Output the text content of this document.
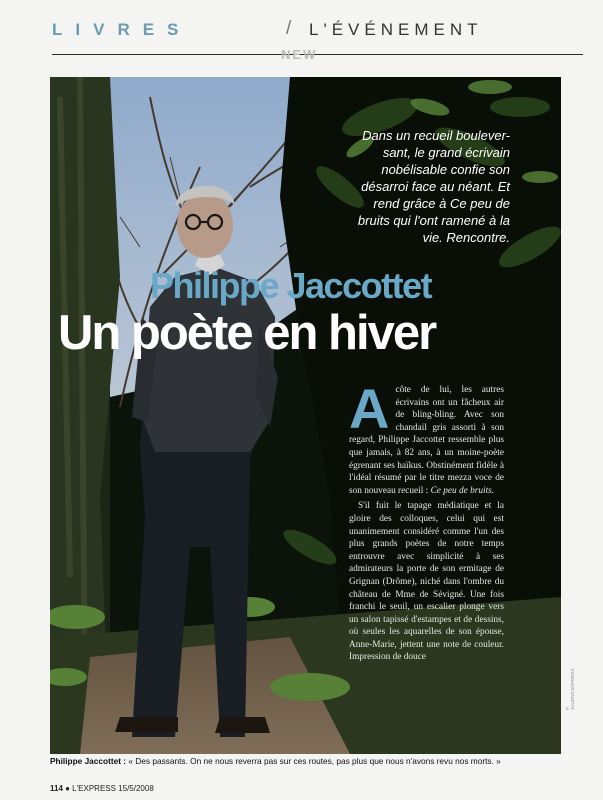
LIVRES	/ L'ÉVÉNEMENT
NEW
Dans un recueil boulever-sant, le grand écrivain nobélisable confie son désarroi face au néant. Et rend grâce à Ce peu de bruits qui l'ont ramené à la vie. Rencontre.
Philippe Jaccottet
Un poète en hiver

Acôte de lui, les autres écrivains ont un fâcheux air de bling-bling. Avec son chandail gris assorti à son regard, Philippe Jaccottet ressemble plus que jamais, à 82 ans, à un moine-poète égrenant ses haïkus. Obstinément fidèle à l'idéal résumé par le titre mezza voce de son nouveau recueil : Ce peu de bruits.

S'il fuit le tapage médiatique et la gloire des colloques, celui qui est unanimement considéré comme l'un des plus grands poètes de notre temps entrouvre avec simplicité à ses admirateurs la porte de son ermitage de Grignan (Drôme), niché dans l'ombre du château de Mme de Sévigné. Une fois franchi le seuil, un escalier plonge vers un salon tapissé d'estampes et de dessins, où seules les aquarelles de son épouse, Anne-Marie, jettent une note de couleur. Impression de douce

P. JULIEN/L'EXPRESS
Philippe Jaccottet : « Des passants. On ne nous reverra pas sur ces routes, pas plus que nous n'avons revu nos morts. »
114 ● L'EXPRESS 15/5/2008
